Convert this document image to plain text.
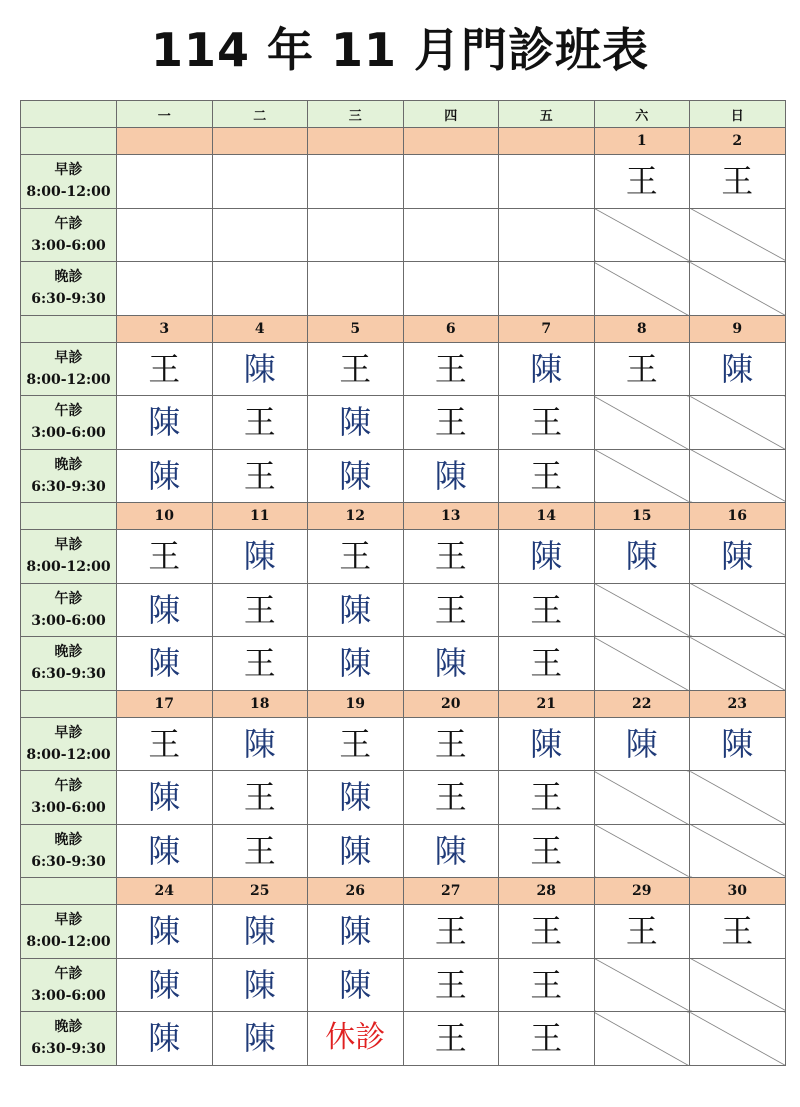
114 年 11 月門診班表
	一	二	三	四	五	六	日
						1	2

早診
8:00-12:00						王	王

午診
3:00-6:00							

晚診
6:30-9:30							

	3	4	5	6	7	8	9

早診
8:00-12:00	王	陳	王	王	陳	王	陳

午診
3:00-6:00	陳	王	陳	王	王		

晚診
6:30-9:30	陳	王	陳	陳	王		
	10	11	12	13	14	15	16

早診
8:00-12:00	王	陳	王	王	陳	陳	陳

午診
3:00-6:00	陳	王	陳	王	王		

晚診
6:30-9:30	陳	王	陳	陳	王		
	17	18	19	20	21	22	23

早診
8:00-12:00	王	陳	王	王	陳	陳	陳

午診
3:00-6:00	陳	王	陳	王	王		

晚診
6:30-9:30	陳	王	陳	陳	王		
	24	25	26	27	28	29	30

早診
8:00-12:00	陳	陳	陳	王	王	王	王

午診
3:00-6:00	陳	陳	陳	王	王		

晚診
6:30-9:30	陳	陳	休診	王	王		
